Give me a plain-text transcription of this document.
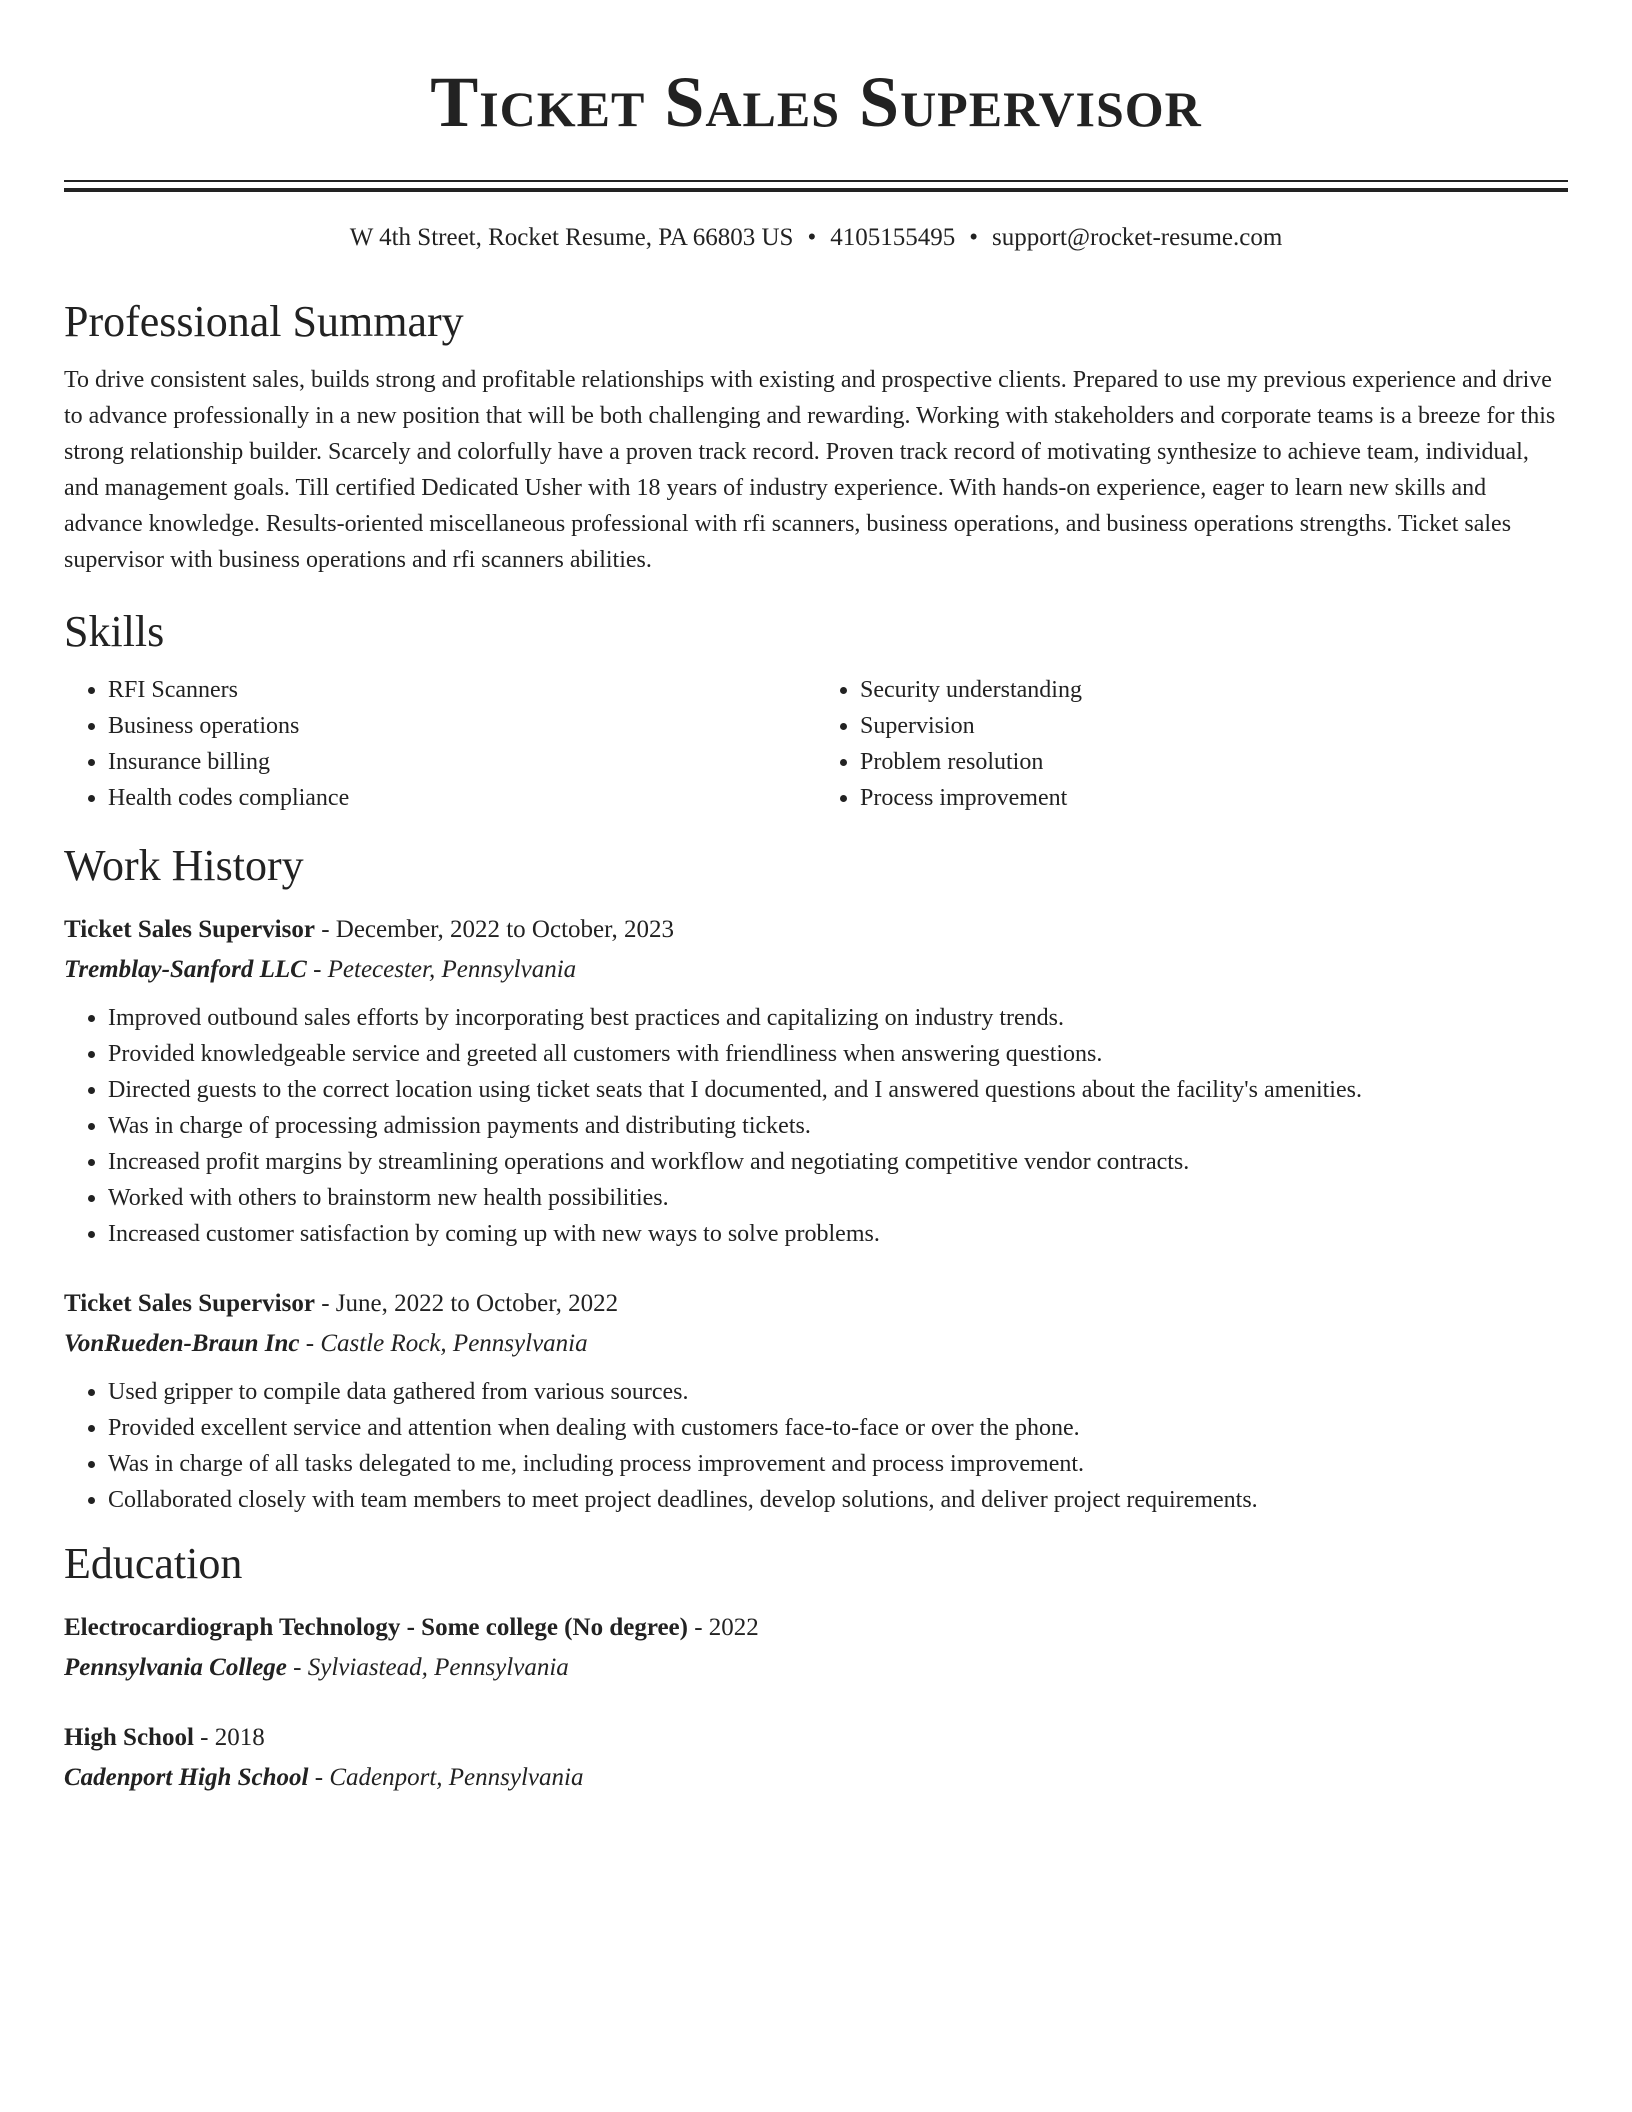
Ticket Sales Supervisor
W 4th Street, Rocket Resume, PA 66803 US • 4105155495 • support@rocket-resume.com
Professional Summary
To drive consistent sales, builds strong and profitable relationships with existing and prospective clients. Prepared to use my previous experience and drive to advance professionally in a new position that will be both challenging and rewarding. Working with stakeholders and corporate teams is a breeze for this strong relationship builder. Scarcely and colorfully have a proven track record. Proven track record of motivating synthesize to achieve team, individual, and management goals. Till certified Dedicated Usher with 18 years of industry experience. With hands-on experience, eager to learn new skills and advance knowledge. Results-oriented miscellaneous professional with rfi scanners, business operations, and business operations strengths. Ticket sales supervisor with business operations and rfi scanners abilities.
Skills
• RFI Scanners
• Business operations
• Insurance billing
• Health codes compliance
• Security understanding
• Supervision
• Problem resolution
• Process improvement
Work History
Ticket Sales Supervisor - December, 2022 to October, 2023
Tremblay-Sanford LLC - Petecester, Pennsylvania
• Improved outbound sales efforts by incorporating best practices and capitalizing on industry trends.
• Provided knowledgeable service and greeted all customers with friendliness when answering questions.
• Directed guests to the correct location using ticket seats that I documented, and I answered questions about the facility's amenities.
• Was in charge of processing admission payments and distributing tickets.
• Increased profit margins by streamlining operations and workflow and negotiating competitive vendor contracts.
• Worked with others to brainstorm new health possibilities.
• Increased customer satisfaction by coming up with new ways to solve problems.
Ticket Sales Supervisor - June, 2022 to October, 2022
VonRueden-Braun Inc - Castle Rock, Pennsylvania
• Used gripper to compile data gathered from various sources.
• Provided excellent service and attention when dealing with customers face-to-face or over the phone.
• Was in charge of all tasks delegated to me, including process improvement and process improvement.
• Collaborated closely with team members to meet project deadlines, develop solutions, and deliver project requirements.
Education
Electrocardiograph Technology - Some college (No degree) - 2022
Pennsylvania College - Sylviastead, Pennsylvania
High School - 2018
Cadenport High School - Cadenport, Pennsylvania
